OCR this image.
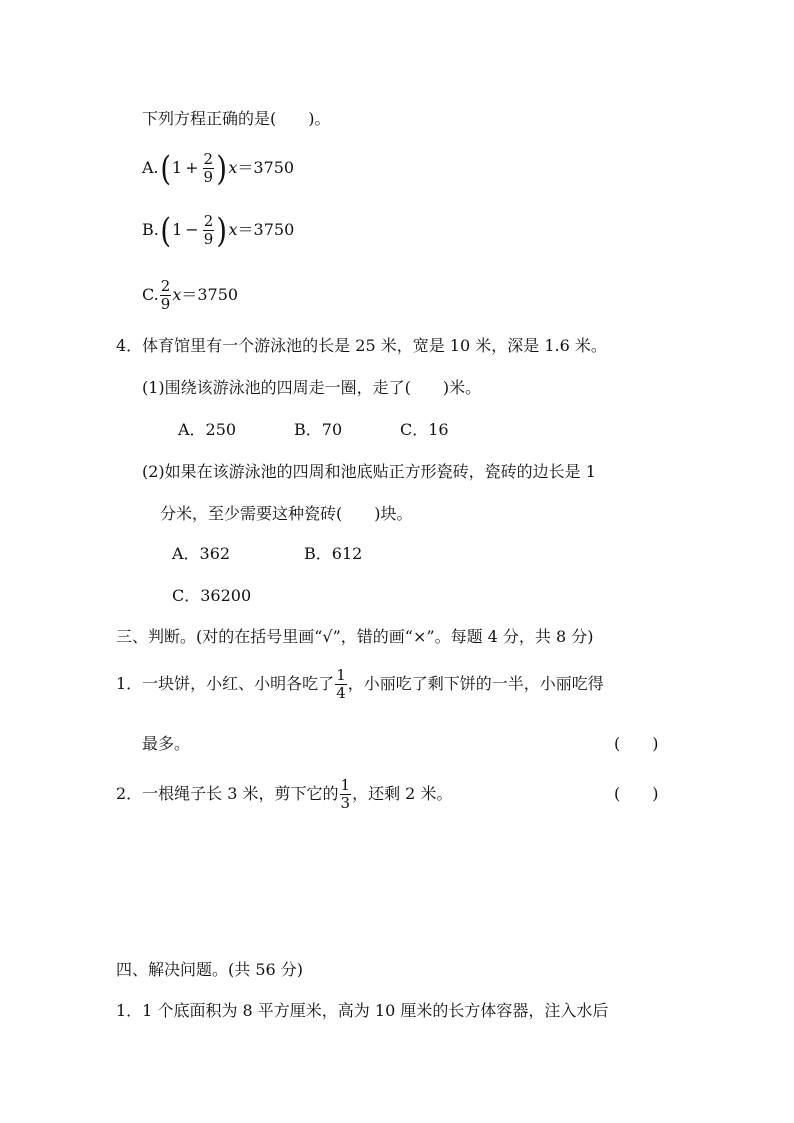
下列方程正确的是(　　)。
$A.(1 + \frac{2}{9} )x=3750$
$B.(1 - \frac{2}{9} )x=3750$
C. $\frac{2}{9} x=3750$
4．体育馆里有一个游泳池的长是 25 米，宽是 10 米，深是 1.6 米。
(1)围绕该游泳池的四周走一圈，走了(　　)米。
A．250	B．70	C．16
(2)如果在该游泳池的四周和池底贴正方形瓷砖，瓷砖的边长是 1
分米，至少需要这种瓷砖(　　)块。
A．362	B．612
C．36200
三、判断。(对的在括号里画“√”，错的画“×”。每题 4 分，共 8 分)
1．一块饼，小红、小明各吃了 $\frac{1}{4}$ ，小丽吃了剩下饼的一半，小丽吃得
最多。	(　　)
2．一根绳子长 3 米，剪下它的 $\frac{1}{3}$ ，还剩 2 米。	(　　)
四、解决问题。(共 56 分)
1．1 个底面积为 8 平方厘米，高为 10 厘米的长方体容器，注入水后
